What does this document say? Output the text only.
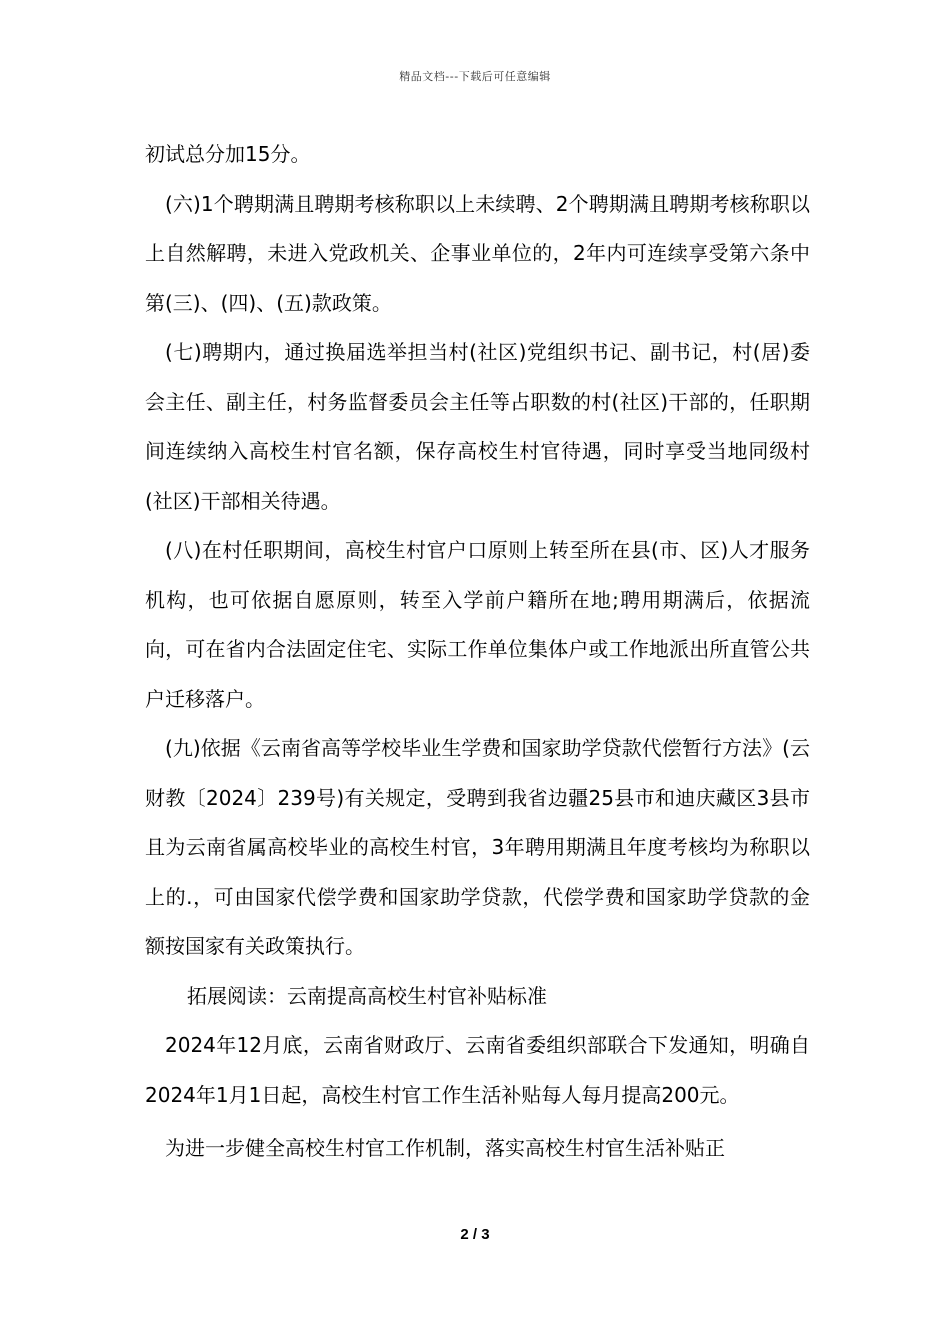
精品文档---下载后可任意编辑

初试总分加15分。

(六)1个聘期满且聘期考核称职以上未续聘、2个聘期满且聘期考核称职以上自然解聘，未进入党政机关、企事业单位的，2年内可连续享受第六条中第(三)、(四)、(五)款政策。

(七)聘期内，通过换届选举担当村(社区)党组织书记、副书记，村(居)委会主任、副主任，村务监督委员会主任等占职数的村(社区)干部的，任职期间连续纳入高校生村官名额，保存高校生村官待遇，同时享受当地同级村(社区)干部相关待遇。

(八)在村任职期间，高校生村官户口原则上转至所在县(市、区)人才服务机构，也可依据自愿原则，转至入学前户籍所在地;聘用期满后，依据流向，可在省内合法固定住宅、实际工作单位集体户或工作地派出所直管公共户迁移落户。

(九)依据《云南省高等学校毕业生学费和国家助学贷款代偿暂行方法》(云财教〔2024〕239号)有关规定，受聘到我省边疆25县市和迪庆藏区3县市且为云南省属高校毕业的高校生村官，3年聘用期满且年度考核均为称职以上的.，可由国家代偿学费和国家助学贷款，代偿学费和国家助学贷款的金额按国家有关政策执行。

拓展阅读：云南提高高校生村官补贴标准

2024年12月底，云南省财政厅、云南省委组织部联合下发通知，明确自2024年1月1日起，高校生村官工作生活补贴每人每月提高200元。

为进一步健全高校生村官工作机制，落实高校生村官生活补贴正

2 / 3
